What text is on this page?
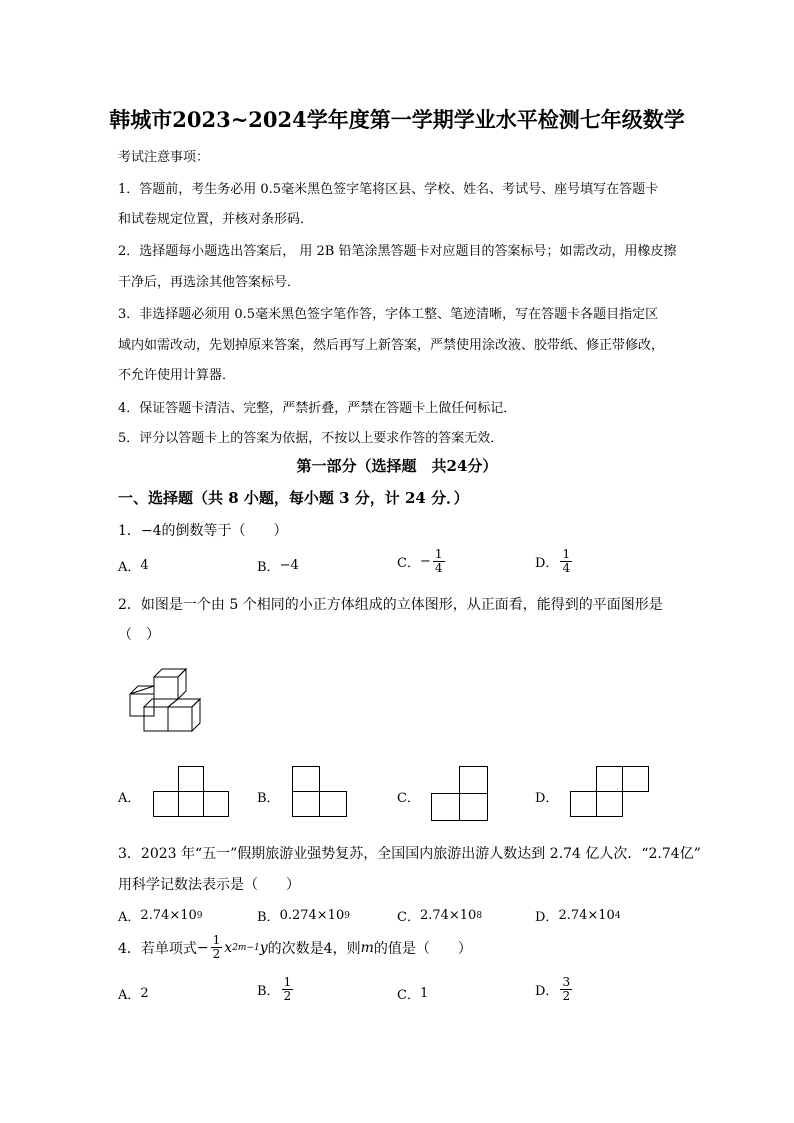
韩城市2023~2024学年度第一学期学业水平检测七年级数学
考试注意事项：
1．答题前，考生务必用 0.5毫米黑色签字笔将区县、学校、姓名、考试号、座号填写在答题卡
和试卷规定位置，并核对条形码．
2．选择题每小题选出答案后， 用 2B 铅笔涂黑答题卡对应题目的答案标号；如需改动，用橡皮擦
干净后，再选涂其他答案标号．
3．非选择题必须用 0.5毫米黑色签字笔作答，字体工整、笔迹清晰，写在答题卡各题目指定区
域内如需改动，先划掉原来答案，然后再写上新答案，严禁使用涂改液、胶带纸、修正带修改，
不允许使用计算器．
4．保证答题卡清洁、完整，严禁折叠，严禁在答题卡上做任何标记．
5．评分以答题卡上的答案为依据，不按以上要求作答的答案无效．
第一部分（选择题　共24分）
一、选择题（共 8 小题，每小题 3 分，计 24 分．）
1．−4的倒数等于（　　）
A． 4	B． −4	C． − $\frac{1}{4}$	D． $\frac{1}{4}$
2．如图是一个由 5 个相同的小正方体组成的立体图形，从正面看，能得到的平面图形是
（　）
A．	B．	C．	D．
3．2023 年“五一”假期旅游业强势复苏，全国国内旅游出游人数达到 2.74 亿人次．“2.74亿”
用科学记数法表示是（　　）
A． 2.74×10 9	B． 0.274×10 9	C． 2.74×10 8	D． 2.74×10 4
4．若单项式 − $\frac{1}{2}$ x 2m−1 y 的次数是4，则 m 的值是（　　）
A． 2	B． $\frac{1}{2}$	C． 1	D． $\frac{3}{2}$
